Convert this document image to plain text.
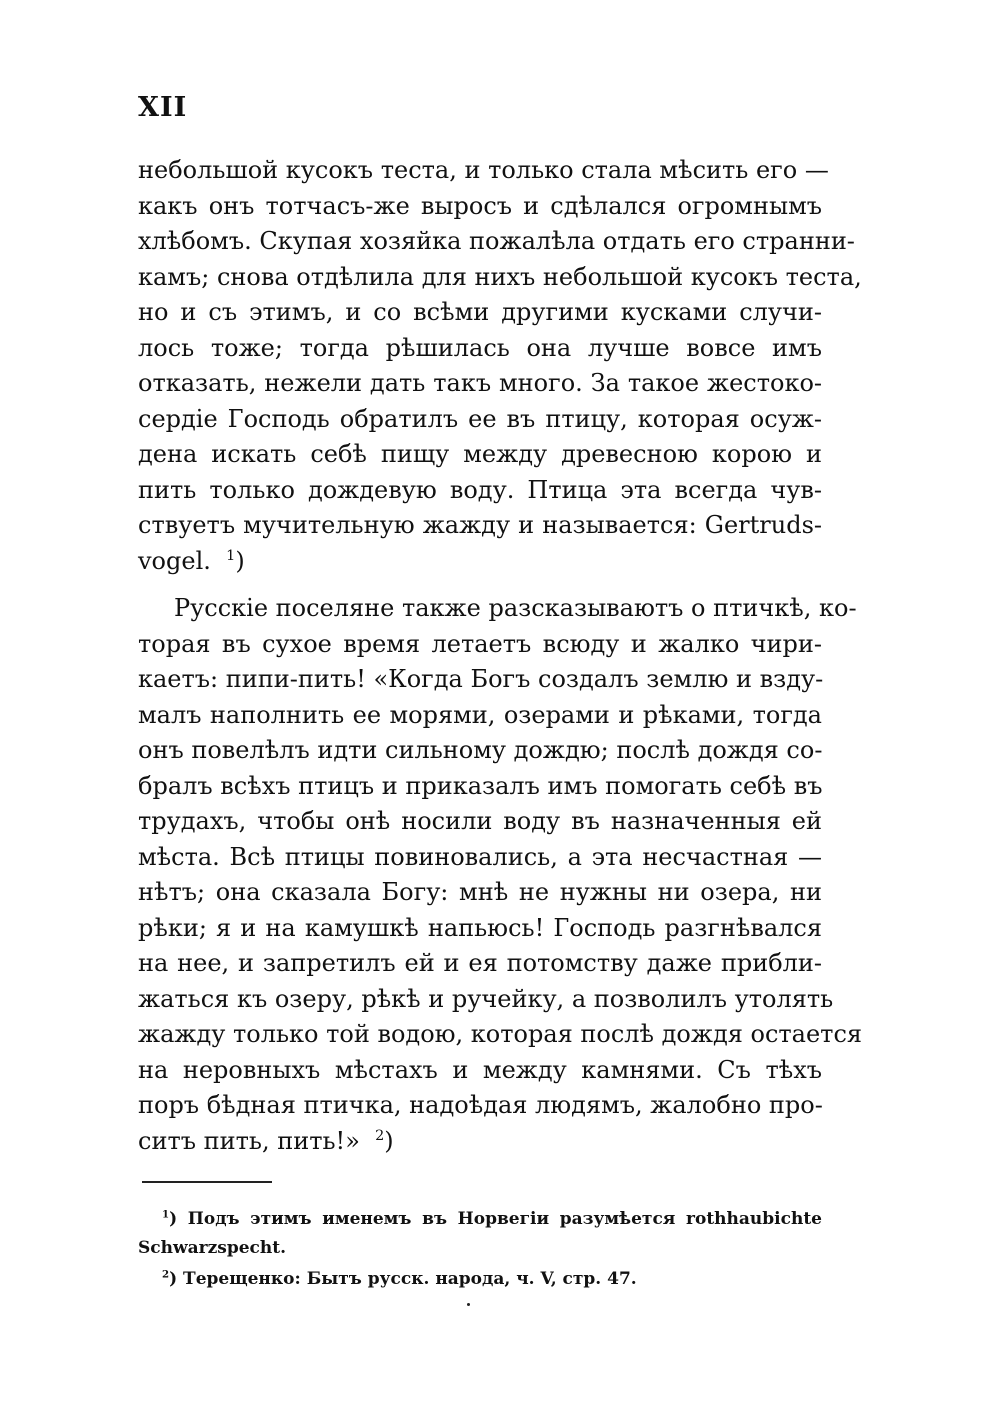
XII
небольшой кусокъ теста, и только стала мѣсить его —
какъ онъ тотчасъ-же выросъ и сдѣлался огромнымъ
хлѣбомъ. Скупая хозяйка пожалѣла отдать его странни-
камъ; снова отдѣлила для нихъ небольшой кусокъ теста,
но и съ этимъ, и со всѣми другими кусками случи-
лось тоже; тогда рѣшилась она лучше вовсе имъ
отказать, нежели дать такъ много. За такое жестоко-
сердіе Господь обратилъ ее въ птицу, которая осуж-
дена искать себѣ пищу между древесною корою и
пить только дождевую воду. Птица эта всегда чув-
ствуетъ мучительную жажду и называется: Gertruds-
vogel. $^1$)
Русскіе поселяне также разсказываютъ о птичкѣ, ко-
торая въ сухое время летаетъ всюду и жалко чири-
каетъ: пипи-пить! «Когда Богъ создалъ землю и взду-
малъ наполнить ее морями, озерами и рѣками, тогда
онъ повелѣлъ идти сильному дождю; послѣ дождя со-
бралъ всѣхъ птицъ и приказалъ имъ помогать себѣ въ
трудахъ, чтобы онѣ носили воду въ назначенныя ей
мѣста. Всѣ птицы повиновались, а эта несчастная —
нѣтъ; она сказала Богу: мнѣ не нужны ни озера, ни
рѣки; я и на камушкѣ напьюсь! Господь разгнѣвался
на нее, и запретилъ ей и ея потомству даже прибли-
жаться къ озеру, рѣкѣ и ручейку, а позволилъ утолять
жажду только той водою, которая послѣ дождя остается
на неровныхъ мѣстахъ и между камнями. Съ тѣхъ
поръ бѣдная птичка, надоѣдая людямъ, жалобно про-
ситъ пить, пить!» $^2$)
$^1$) Подъ этимъ именемъ въ Норвегіи разумѣется rothhaubichte
Schwarzspecht.
$^2$) Терещенко: Бытъ русск. народа, ч. V, стр. 47.
